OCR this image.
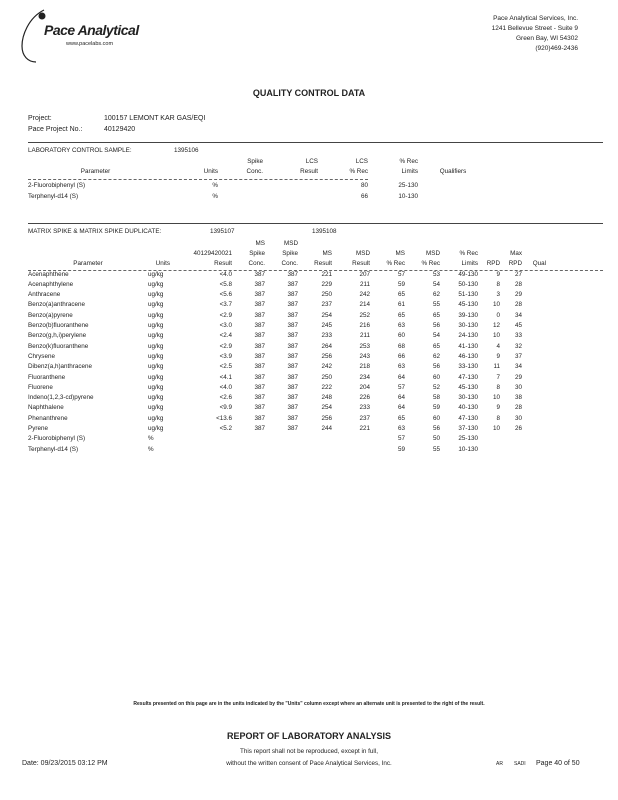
Pace Analytical
www.pacelabs.com
Pace Analytical Services, Inc.
1241 Bellevue Street - Suite 9
Green Bay, WI 54302
(920)469-2436
QUALITY CONTROL DATA
Project:	100157 LEMONT KAR GAS/EQI
Pace Project No.:	40129420
LABORATORY CONTROL SAMPLE:	1395106
		Spike	LCS	LCS	% Rec	
Parameter	Units	Conc.	Result	% Rec	Limits	Qualifiers

2-Fluorobiphenyl (S)	%			80	25-130	
Terphenyl-d14 (S)	%			66	10-130	
MATRIX SPIKE & MATRIX SPIKE DUPLICATE:	1395107	1395108
			MS	MSD								
		40129420021	Spike	Spike	MS	MSD	MS	MSD	% Rec		Max	
Parameter	Units	Result	Conc.	Conc.	Result	Result	% Rec	% Rec	Limits	RPD	RPD	Qual
Acenaphthene	ug/kg	<4.0	387	387	221	207	57	53	49-130	9	27	
Acenaphthylene	ug/kg	<5.8	387	387	229	211	59	54	50-130	8	28	
Anthracene	ug/kg	<5.6	387	387	250	242	65	62	51-130	3	29	
Benzo(a)anthracene	ug/kg	<3.7	387	387	237	214	61	55	45-130	10	28	
Benzo(a)pyrene	ug/kg	<2.9	387	387	254	252	65	65	39-130	0	34	
Benzo(b)fluoranthene	ug/kg	<3.0	387	387	245	216	63	56	30-130	12	45	
Benzo(g,h,i)perylene	ug/kg	<2.4	387	387	233	211	60	54	24-130	10	33	
Benzo(k)fluoranthene	ug/kg	<2.9	387	387	264	253	68	65	41-130	4	32	
Chrysene	ug/kg	<3.9	387	387	256	243	66	62	46-130	9	37	
Dibenz(a,h)anthracene	ug/kg	<2.5	387	387	242	218	63	56	33-130	11	34	
Fluoranthene	ug/kg	<4.1	387	387	250	234	64	60	47-130	7	29	
Fluorene	ug/kg	<4.0	387	387	222	204	57	52	45-130	8	30	
Indeno(1,2,3-cd)pyrene	ug/kg	<2.6	387	387	248	226	64	58	30-130	10	38	
Naphthalene	ug/kg	<9.9	387	387	254	233	64	59	40-130	9	28	
Phenanthrene	ug/kg	<13.6	387	387	256	237	65	60	47-130	8	30	
Pyrene	ug/kg	<5.2	387	387	244	221	63	56	37-130	10	26	
2-Fluorobiphenyl (S)	%						57	50	25-130			
Terphenyl-d14 (S)	%						59	55	10-130			
Results presented on this page are in the units indicated by the "Units" column except where an alternate unit is presented to the right of the result.
REPORT OF LABORATORY ANALYSIS
This report shall not be reproduced, except in full,
without the written consent of Pace Analytical Services, Inc.
Date: 09/23/2015 03:12 PM	AR SADI Page 40 of 50
